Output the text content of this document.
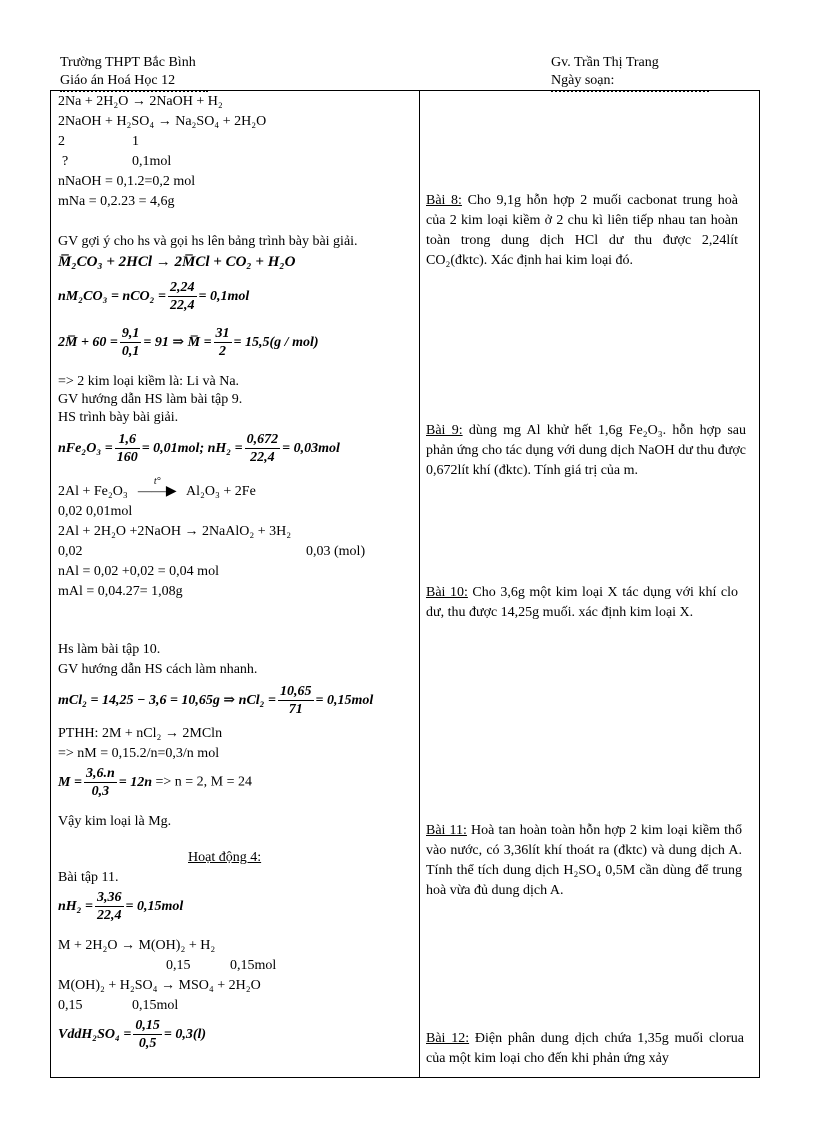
Trường THPT Bắc Bình
Giáo án Hoá Học 12
Gv. Trần Thị Trang
Ngày soạn:
2Na + 2H₂O → 2NaOH + H₂
2NaOH + H₂SO₄ → Na₂SO₄ + 2H₂O
2	1
?	0,1mol
nNaOH = 0,1.2=0,2 mol
mNa = 0,2.23 = 4,6g
GV gợi ý cho hs và gọi hs lên bảng trình bày bài giải.
M̅₂CO₃ + 2HCl → 2M̅Cl + CO₂ + H₂O
$nM_2CO_3 = nCO_2 = \frac{2,24}{22,4} = 0,1mol$
2M̅ + $60 = \frac{9,1}{0,1} = 91$ ⇒ M̅ = $\frac{31}{2} = 15,5(g / mol)$
=> 2 kim loại kiềm là: Li và Na.
GV hướng dẫn HS làm bài tập 9.
HS trình bày bài giải.
$nFe_2O_3 = \frac{1,6}{160} = 0,01mol$; $nH_2 = \frac{0,672}{22,4} = 0,03mol$
2Al + Fe₂O₃
t°
——▶ Al₂O₃ + 2Fe
0,02 0,01mol
2Al + 2H₂O +2NaOH → 2NaAlO₂ + 3H₂
0,02	0,03 (mol)
nAl = 0,02 +0,02 = 0,04 mol
mAl = 0,04.27= 1,08g
Hs làm bài tập 10.
GV hướng dẫn HS cách làm nhanh.
mCl₂ = 14,25 − 3,6 = 10,65g ⇒ $nCl_2 = \frac{10,65}{71} = 0,15mol$
PTHH: 2M + nCl₂ → 2MCln
=> nM = 0,15.2/n=0,3/n mol
$M = \frac{3,6.n}{0,3} = 12n => n = 2$, M = 24
Vậy kim loại là Mg.
Hoạt động 4:
Bài tập 11.
$nH_2 = \frac{3,36}{22,4} = 0,15mol$
M + 2H₂O → M(OH)₂ + H₂
0,15	0,15mol
M(OH)₂ + H₂SO₄ → MSO₄ + 2H₂O
0,15	0,15mol
VddH₂SO₄ = $\frac{0,15}{0,5} = 0,3(l)$
Bài 8: Cho 9,1g hỗn hợp 2 muối cacbonat trung hoà của 2 kim loại kiềm ở 2 chu kì liên tiếp nhau tan hoàn toàn trong dung dịch HCl dư thu được 2,24lít CO₂(đktc). Xác định hai kim loại đó.
Bài 9: dùng mg Al khử hết 1,6g Fe₂O₃. hỗn hợp sau phản ứng cho tác dụng với dung dịch NaOH dư thu được 0,672lít khí (đktc). Tính giá trị của m.
Bài 10: Cho 3,6g một kim loại X tác dụng với khí clo dư, thu được 14,25g muối. xác định kim loại X.
Bài 11: Hoà tan hoàn toàn hỗn hợp 2 kim loại kiềm thổ vào nước, có 3,36lít khí thoát ra (đktc) và dung dịch A. Tính thể tích dung dịch H₂SO₄ 0,5M cần dùng để trung hoà vừa đủ dung dịch A.
Bài 12: Điện phân dung dịch chứa 1,35g muối clorua của một kim loại cho đến khi phản ứng xảy
